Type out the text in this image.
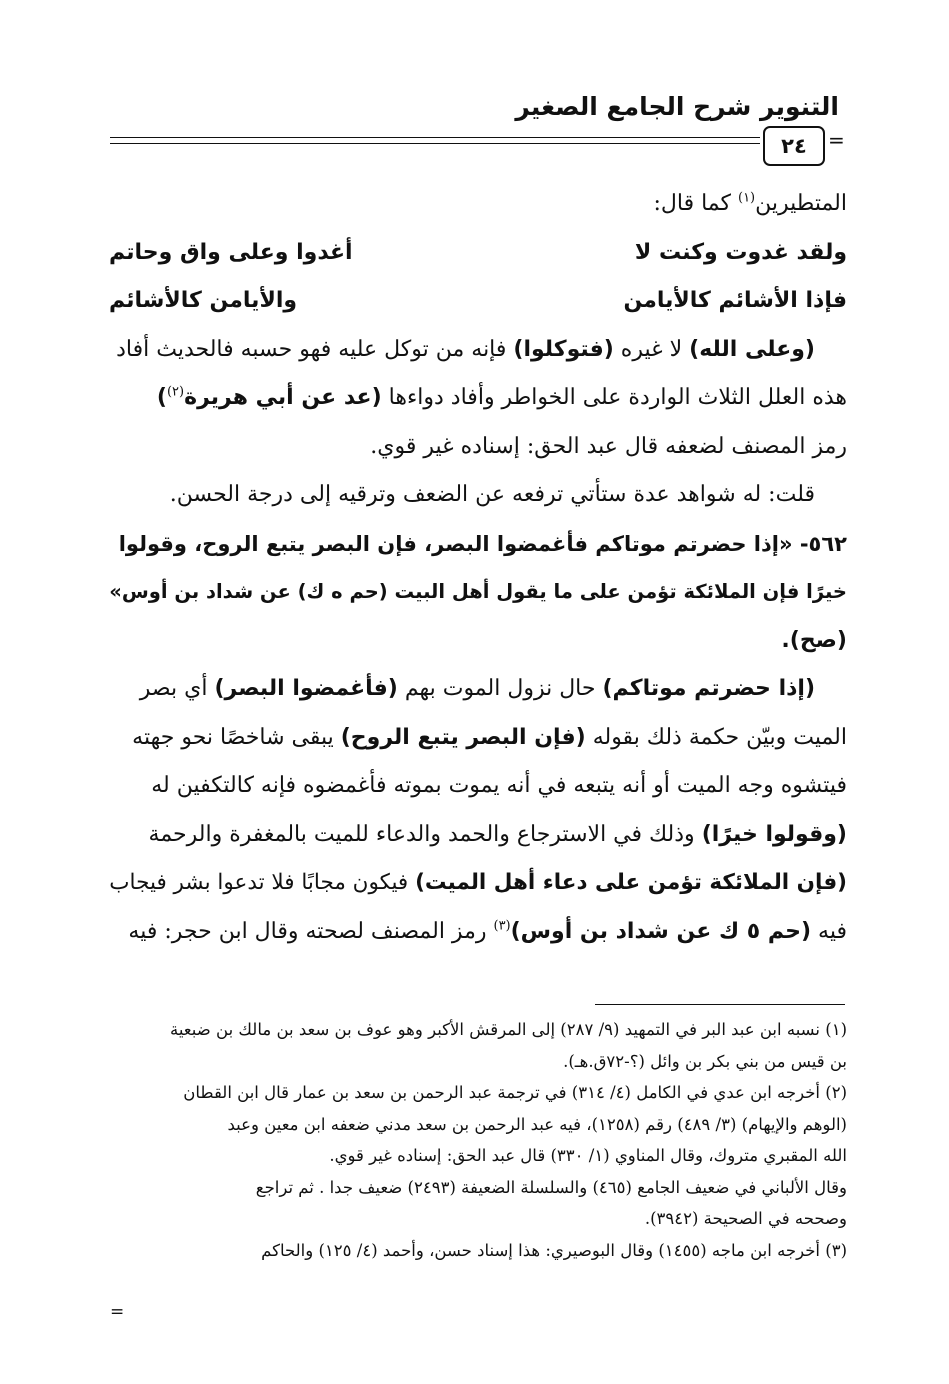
التنوير شرح الجامع الصغير
٢٤ =
المتطيرين$^{(١)}$ كما قال:
ولقد غدوت وكنت لا
أغدوا وعلى واق وحاتم
فإذا الأشائم كالأيامن
والأيامن كالأشائم
(وعلى الله) لا غيره (فتوكلوا) فإنه من توكل عليه فهو حسبه فالحديث أفاد
هذه العلل الثلاث الواردة على الخواطر وأفاد دواءها (عد عن أبي هريرة$^{(٢)}$)
رمز المصنف لضعفه قال عبد الحق: إسناده غير قوي.
قلت: له شواهد عدة ستأتي ترفعه عن الضعف وترقيه إلى درجة الحسن.
٥٦٢- «إذا حضرتم موتاكم فأغمضوا البصر، فإن البصر يتبع الروح، وقولوا
خيرًا فإن الملائكة تؤمن على ما يقول أهل البيت (حم ه ك) عن شداد بن أوس»
(صح).
(إذا حضرتم موتاكم) حال نزول الموت بهم (فأغمضوا البصر) أي بصر
الميت وبيّن حكمة ذلك بقوله (فإن البصر يتبع الروح) يبقى شاخصًا نحو جهته
فيتشوه وجه الميت أو أنه يتبعه في أنه يموت بموته فأغمضوه فإنه كالتكفين له
(وقولوا خيرًا) وذلك في الاسترجاع والحمد والدعاء للميت بالمغفرة والرحمة
(فإن الملائكة تؤمن على دعاء أهل الميت) فيكون مجابًا فلا تدعوا بشر فيجاب
فيه (حم ٥ ك عن شداد بن أوس)$^{(٣)}$ رمز المصنف لصحته وقال ابن حجر: فيه
(١) نسبه ابن عبد البر في التمهيد (٩/ ٢٨٧) إلى المرقش الأكبر وهو عوف بن سعد بن مالك بن ضبعية
بن قيس من بني بكر بن وائل (؟-٧٢ق.هـ).
(٢) أخرجه ابن عدي في الكامل (٤/ ٣١٤) في ترجمة عبد الرحمن بن سعد بن عمار قال ابن القطان
(الوهم والإيهام) (٣/ ٤٨٩) رقم (١٢٥٨)، فيه عبد الرحمن بن سعد مدني ضعفه ابن معين وعبد
الله المقبري متروك، وقال المناوي (١/ ٣٣٠) قال عبد الحق: إسناده غير قوي.
وقال الألباني في ضعيف الجامع (٤٦٥) والسلسلة الضعيفة (٢٤٩٣) ضعيف جدا . ثم تراجع
وصححه في الصحيحة (٣٩٤٢).
(٣) أخرجه ابن ماجه (١٤٥٥) وقال البوصيري: هذا إسناد حسن، وأحمد (٤/ ١٢٥) والحاكم
=
